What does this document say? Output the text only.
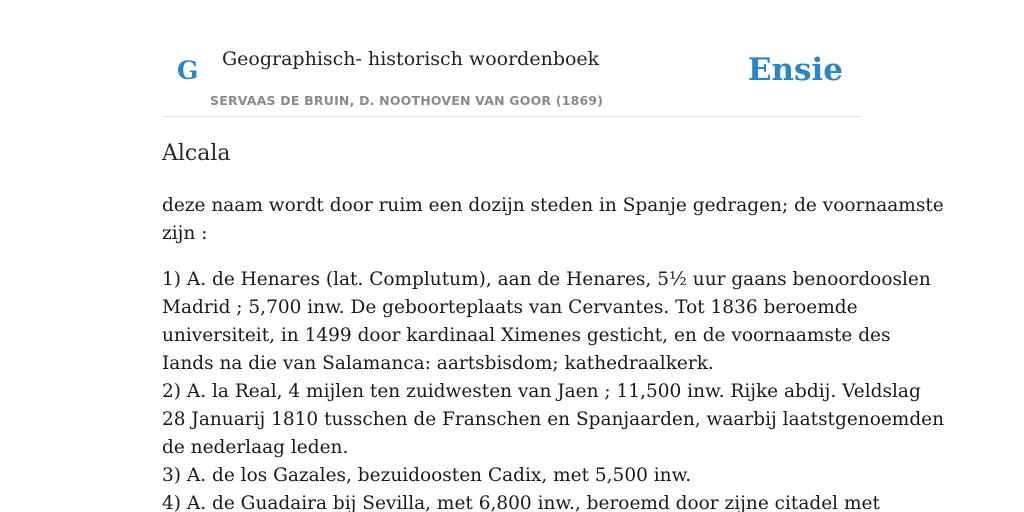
G Geographisch- historisch woordenboek
SERVAAS DE BRUIN, D. NOOTHOVEN VAN GOOR (1869)
Ensie
Alcala
deze naam wordt door ruim een dozijn steden in Spanje gedragen; de voornaamste
zijn :
1) A. de Henares (lat. Complutum), aan de Henares, 5½ uur gaans benoordooslen
Madrid ; 5,700 inw. De geboorteplaats van Cervantes. Tot 1836 beroemde
universiteit, in 1499 door kardinaal Ximenes gesticht, en de voornaamste des
Iands na die van Salamanca: aartsbisdom; kathedraalkerk.
2) A. la Real, 4 mijlen ten zuidwesten van Jaen ; 11,500 inw. Rijke abdij. Veldslag
28 Januarij 1810 tusschen de Franschen en Spanjaarden, waarbij laatstgenoemden
de nederlaag leden.
3) A. de los Gazales, bezuidoosten Cadix, met 5,500 inw.
4) A. de Guadaira bij Sevilla, met 6,800 inw., beroemd door zijne citadel met
